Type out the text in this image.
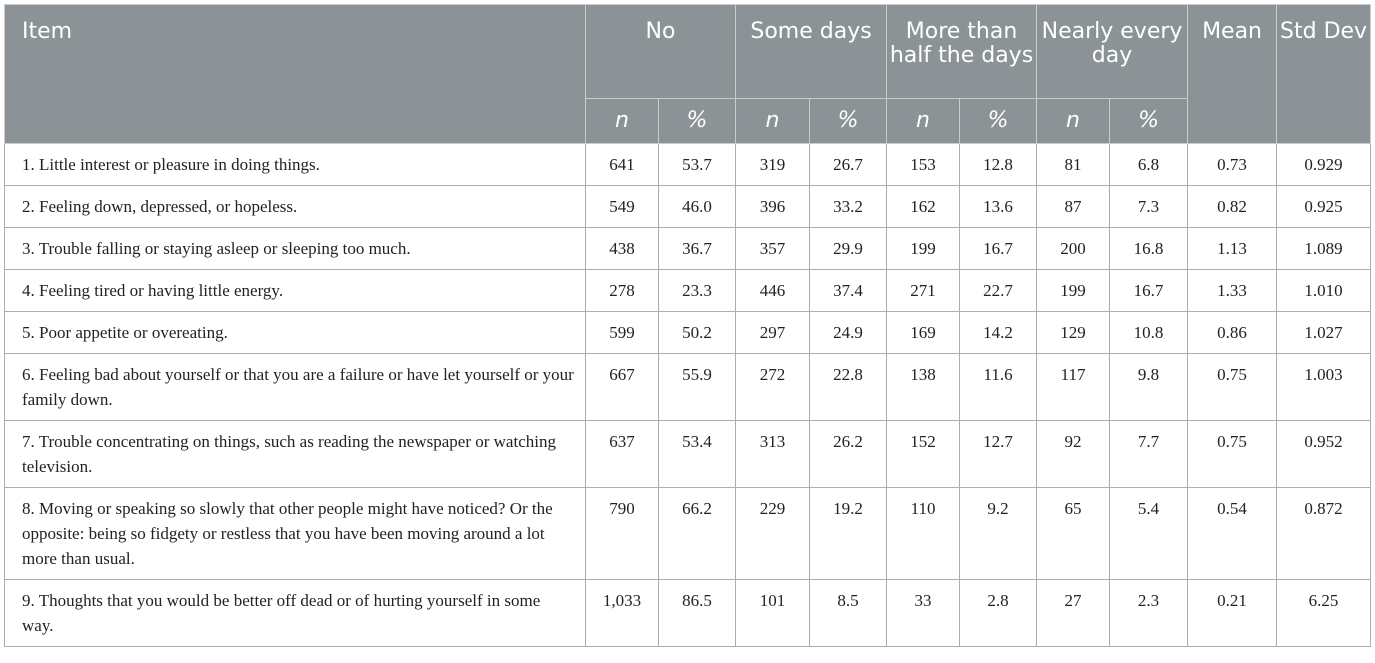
Item	No		Some days		More than half the days		Nearly every day		Mean	Std Dev
	n	%	n	%	n	%	n	%		
1. Little interest or pleasure in doing things.	641	53.7	319	26.7	153	12.8	81	6.8	0.73	0.929
2. Feeling down, depressed, or hopeless.	549	46.0	396	33.2	162	13.6	87	7.3	0.82	0.925
3. Trouble falling or staying asleep or sleeping too much.	438	36.7	357	29.9	199	16.7	200	16.8	1.13	1.089
4. Feeling tired or having little energy.	278	23.3	446	37.4	271	22.7	199	16.7	1.33	1.010
5. Poor appetite or overeating.	599	50.2	297	24.9	169	14.2	129	10.8	0.86	1.027
6. Feeling bad about yourself or that you are a failure or have let yourself or your family down.	667	55.9	272	22.8	138	11.6	117	9.8	0.75	1.003
7. Trouble concentrating on things, such as reading the newspaper or watching television.	637	53.4	313	26.2	152	12.7	92	7.7	0.75	0.952
8. Moving or speaking so slowly that other people might have noticed? Or the opposite: being so fidgety or restless that you have been moving around a lot more than usual.	790	66.2	229	19.2	110	9.2	65	5.4	0.54	0.872
9. Thoughts that you would be better off dead or of hurting yourself in some way.	1,033	86.5	101	8.5	33	2.8	27	2.3	0.21	6.25
